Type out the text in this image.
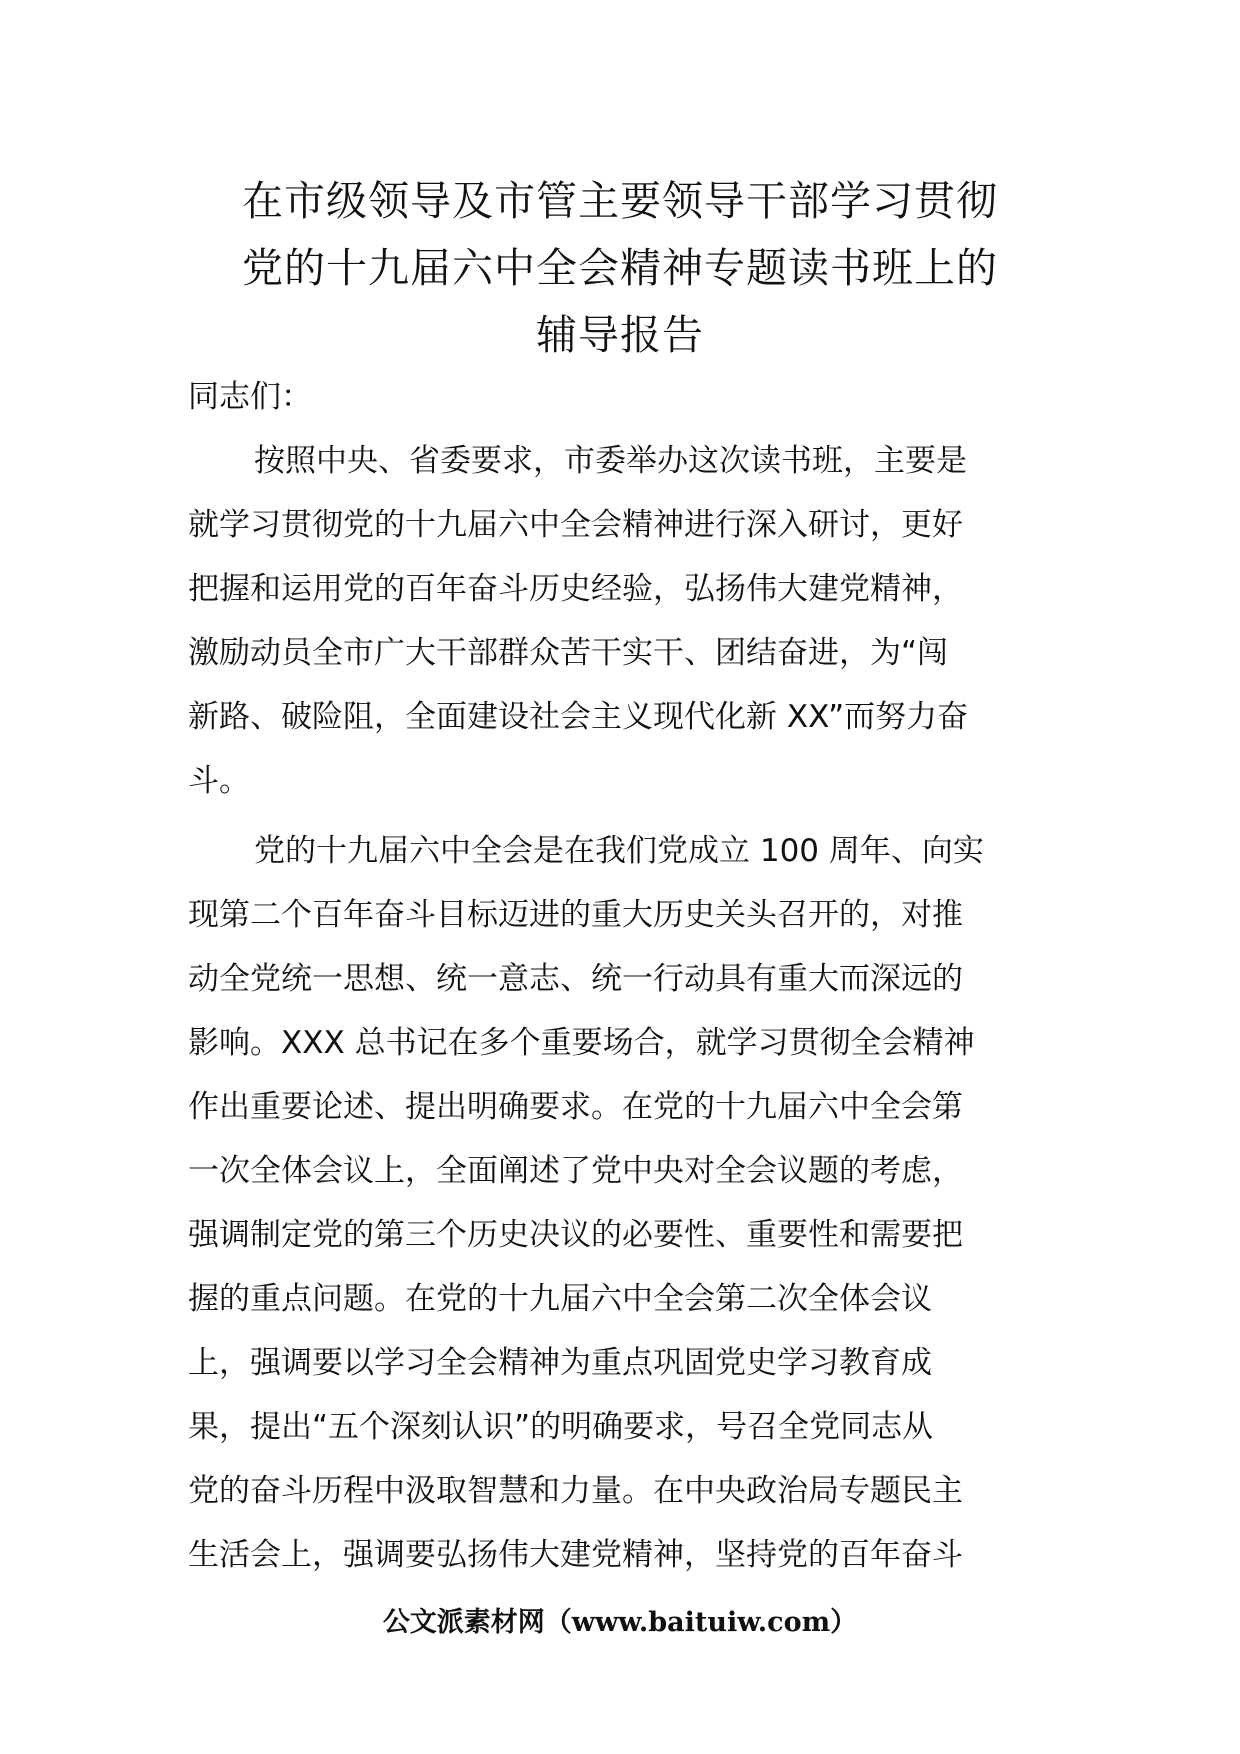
在市级领导及市管主要领导干部学习贯彻
党的十九届六中全会精神专题读书班上的
辅导报告

同志们：

按照中央、省委要求，市委举办这次读书班，主要是
就学习贯彻党的十九届六中全会精神进行深入研讨，更好
把握和运用党的百年奋斗历史经验，弘扬伟大建党精神，
激励动员全市广大干部群众苦干实干、团结奋进，为“闯
新路、破险阻，全面建设社会主义现代化新 XX”而努力奋
斗。

党的十九届六中全会是在我们党成立 100 周年、向实
现第二个百年奋斗目标迈进的重大历史关头召开的，对推
动全党统一思想、统一意志、统一行动具有重大而深远的
影响。XXX 总书记在多个重要场合，就学习贯彻全会精神
作出重要论述、提出明确要求。在党的十九届六中全会第
一次全体会议上，全面阐述了党中央对全会议题的考虑，
强调制定党的第三个历史决议的必要性、重要性和需要把
握的重点问题。在党的十九届六中全会第二次全体会议
上，强调要以学习全会精神为重点巩固党史学习教育成
果，提出“五个深刻认识”的明确要求，号召全党同志从
党的奋斗历程中汲取智慧和力量。在中央政治局专题民主
生活会上，强调要弘扬伟大建党精神，坚持党的百年奋斗

公文派素材网（www.baituiw.com）
